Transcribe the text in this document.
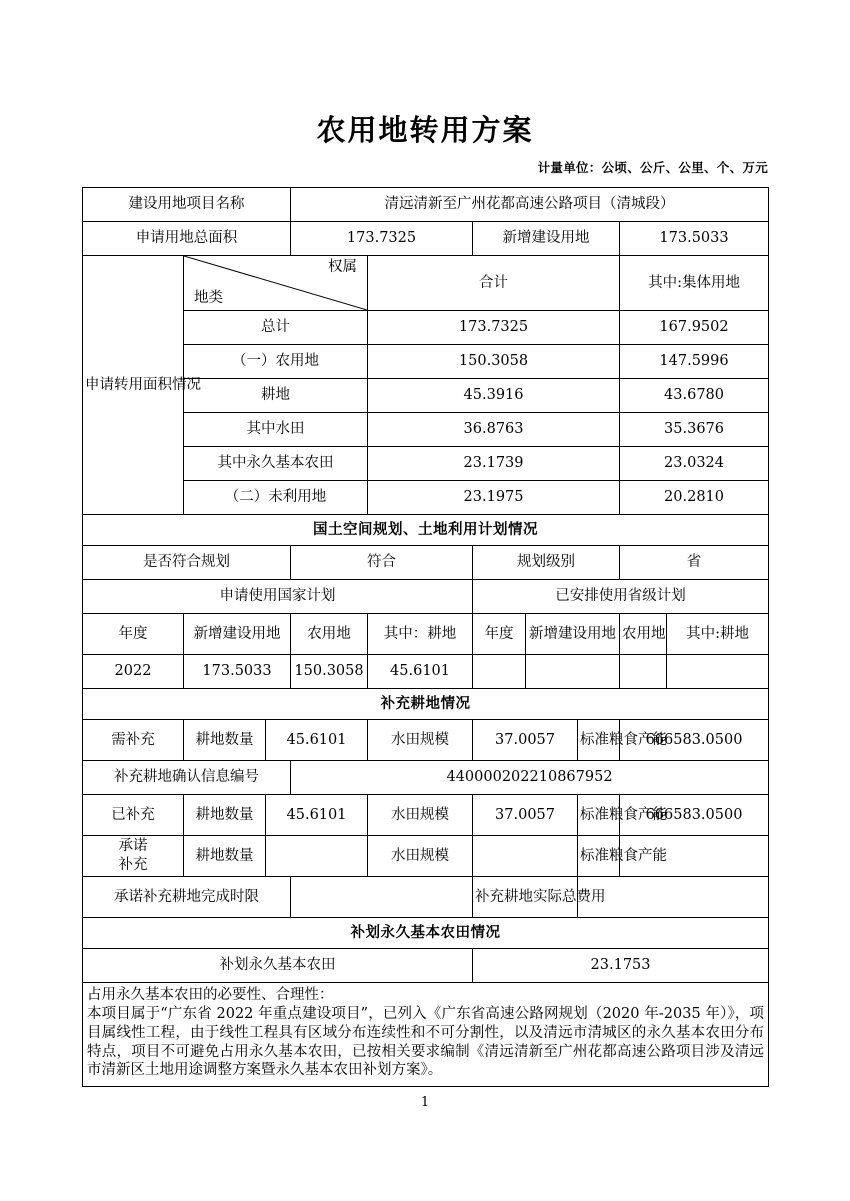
农用地转用方案
计量单位：公顷、公斤、公里、个、万元
建设用地项目名称			清远清新至广州花都高速公路项目（清城段）						
申请用地总面积			173.7325		新增建设用地			173.5033	
申请转用面积情况	权属
地类			合计				其中:集体用地	
	总计			173.7325				167.9502	
	（一）农用地			150.3058				147.5996	
	耕地			45.3916				43.6780	
	其中水田			36.8763				35.3676	
	其中永久基本农田			23.1739				23.0324	
	（二）未利用地			23.1975				20.2810	
国土空间规划、土地利用计划情况									
是否符合规划			符合		规划级别			省	
申请使用国家计划					已安排使用省级计划				
年度	新增建设用地		农用地	其中：耕地	年度	新增建设用地		农用地	其中:耕地
2022	173.5033		150.3058	45.6101					
补充耕地情况									
需补充	耕地数量	45.6101		水田规模	37.0057		标准粮食产能	666583.0500	
补充耕地确认信息编号			440000202210867952						
已补充	耕地数量	45.6101		水田规模	37.0057		标准粮食产能	666583.0500	
承诺
补充	耕地数量			水田规模			标准粮食产能		
承诺补充耕地完成时限					补充耕地实际总费用				
补划永久基本农田情况									
补划永久基本农田					23.1753				

占用永久基本农田的必要性、合理性：
本项目属于“广东省 2022 年重点建设项目”，已列入《广东省高速公路网规划（2020 年-2035 年）》，项目属线性工程，由于线性工程具有区域分布连续性和不可分割性，以及清远市清城区的永久基本农田分布特点，项目不可避免占用永久基本农田，已按相关要求编制《清远清新至广州花都高速公路项目涉及清远市清新区土地用途调整方案暨永久基本农田补划方案》。									
1
